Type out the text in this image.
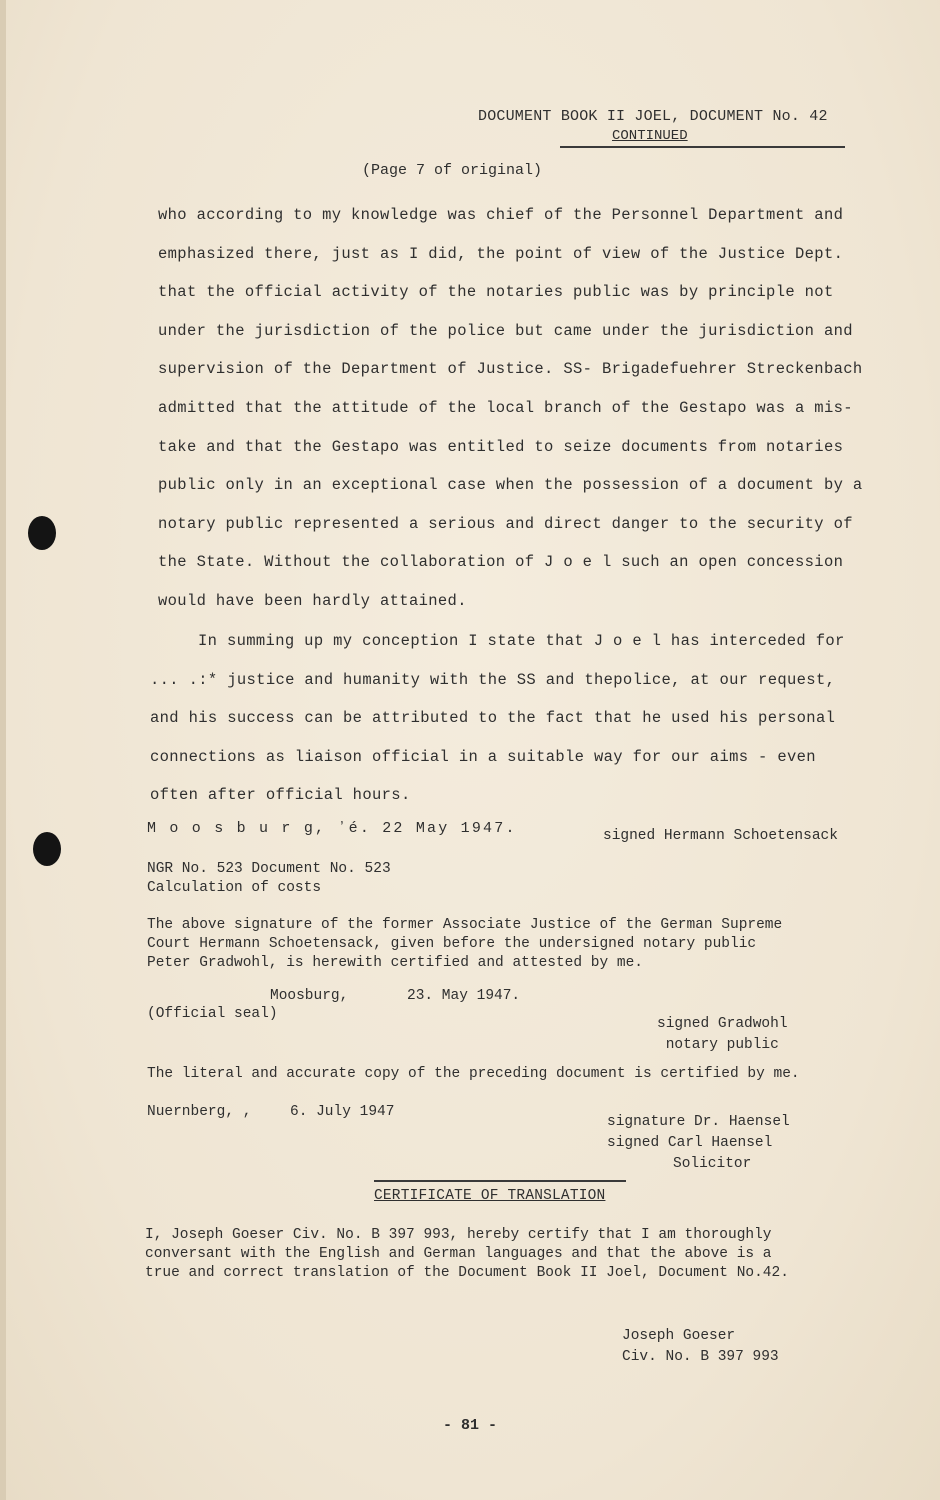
DOCUMENT BOOK II JOEL, DOCUMENT No. 42
CONTINUED
(Page 7 of original)
who according to my knowledge was chief of the Personnel Department and
emphasized there, just as I did, the point of view of the Justice Dept.
that the official activity of the notaries public was by principle not
under the jurisdiction of the police but came under the jurisdiction and
supervision of the Department of Justice. SS- Brigadefuehrer Streckenbach
admitted that the attitude of the local branch of the Gestapo was a mis-
take and that the Gestapo was entitled to seize documents from notaries
public only in an exceptional case when the possession of a document by a
notary public represented a serious and direct danger to the security of
the State. Without the collaboration of J o e l such an open concession
would have been hardly attained.
In summing up my conception I state that J o e l has interceded for
... .:* justice and humanity with the SS and thepolice, at our request,
and his success can be attributed to the fact that he used his personal
connections as liaison official in a suitable way for our aims - even
often after official hours.
M o o s b u r g, ʼé. 22 May 1947.	signed Hermann Schoetensack
NGR No. 523 Document No. 523
Calculation of costs
The above signature of the former Associate Justice of the German Supreme
Court Hermann Schoetensack, given before the undersigned notary public
Peter Gradwohl, is herewith certified and attested by me.
Moosburg,	23. May 1947.
(Official seal)
signed Gradwohl
notary public
The literal and accurate copy of the preceding document is certified by me.
Nuernberg, ,	6. July 1947
signature Dr. Haensel
signed Carl Haensel
Solicitor
CERTIFICATE OF TRANSLATION
I, Joseph Goeser Civ. No. B 397 993, hereby certify that I am thoroughly
conversant with the English and German languages and that the above is a
true and correct translation of the Document Book II Joel, Document No.42.
Joseph Goeser
Civ. No. B 397 993
- 81 -
